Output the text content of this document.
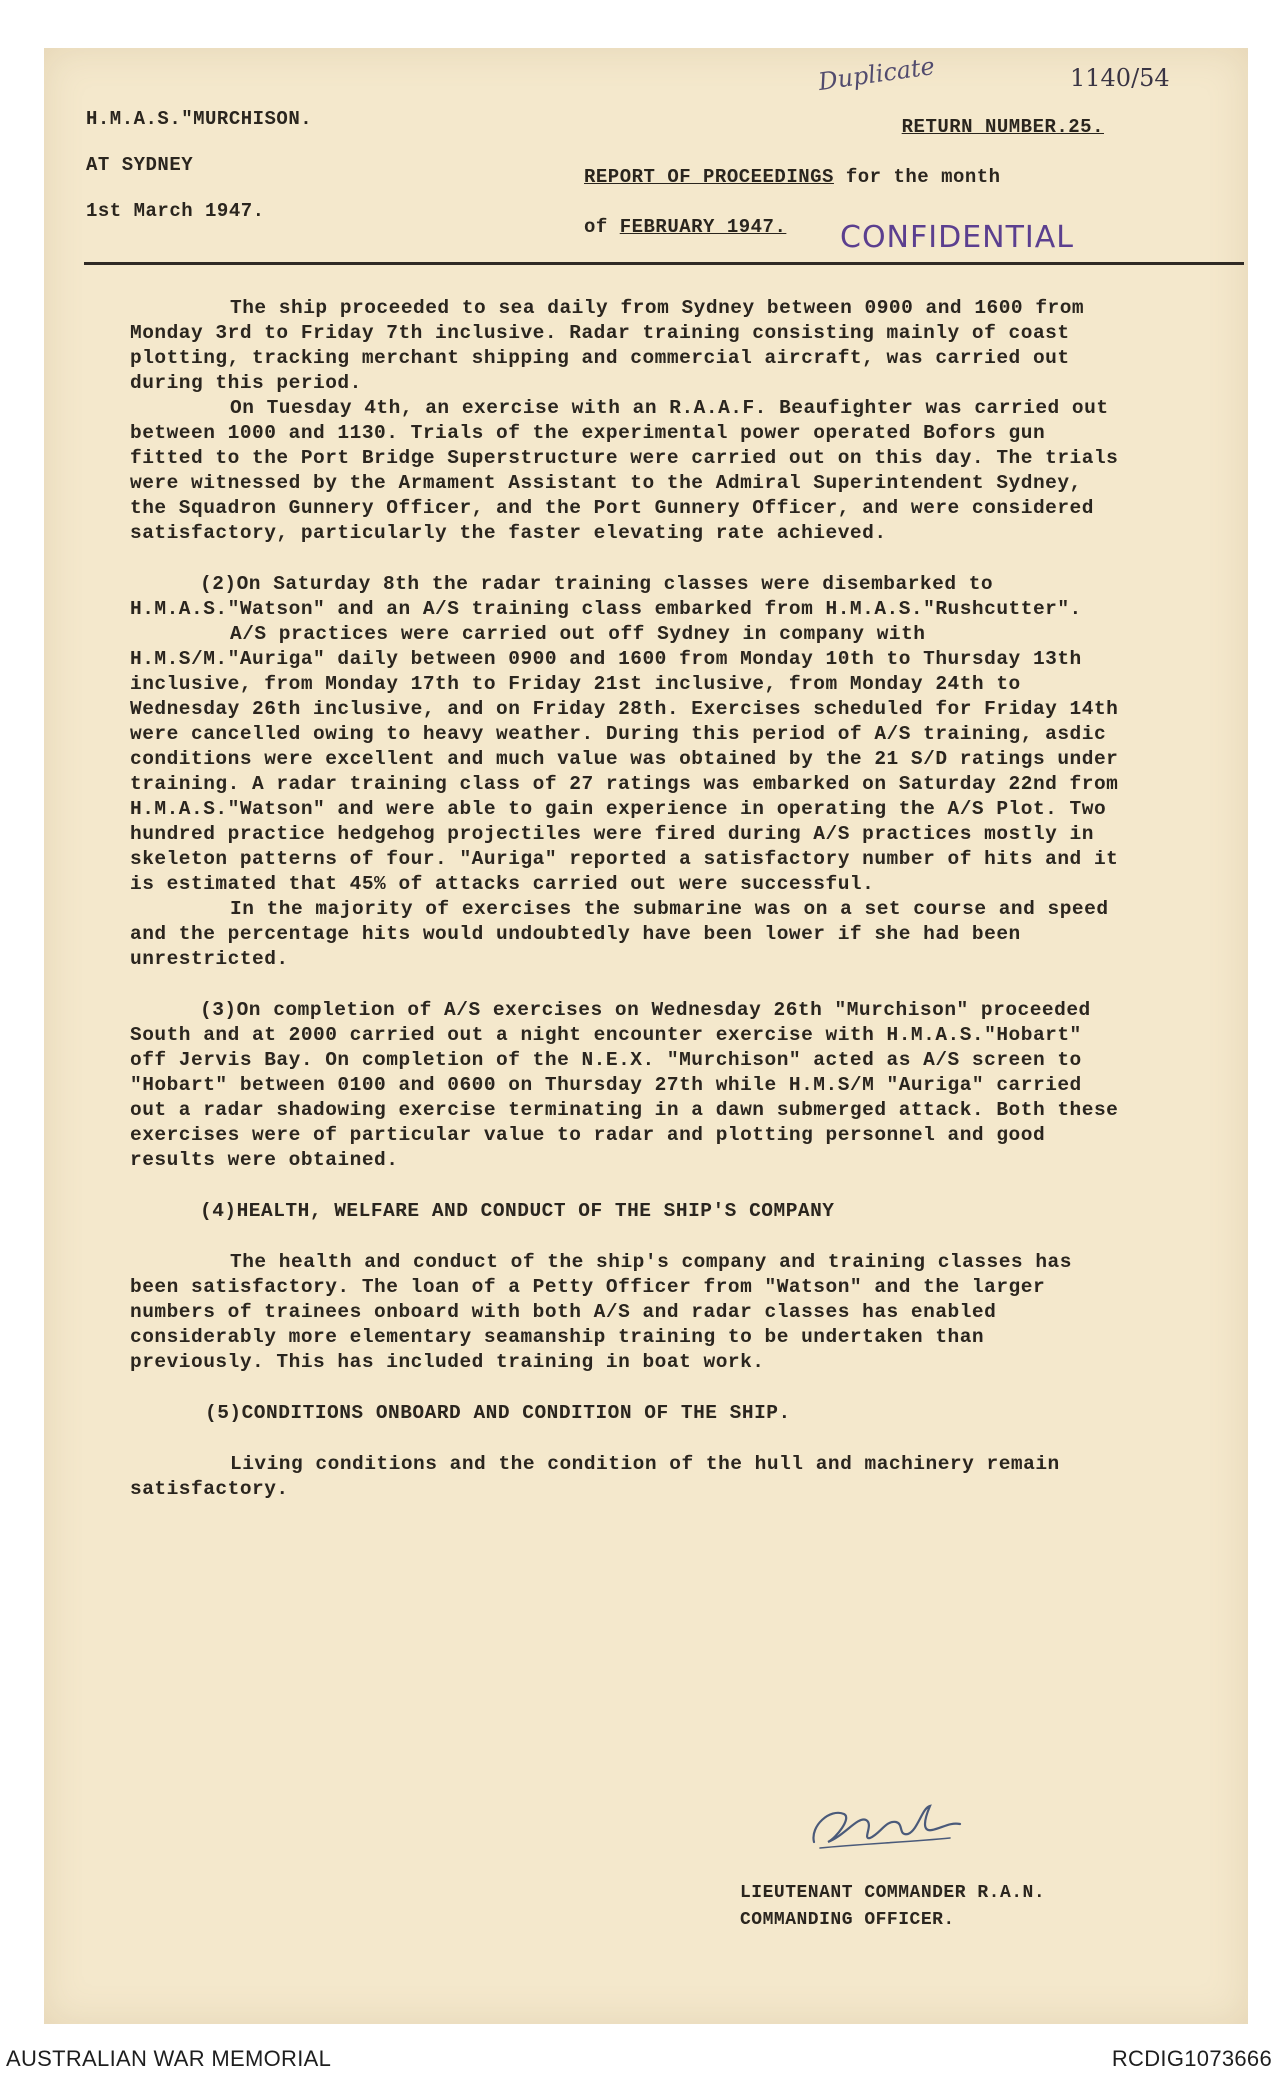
H.M.A.S."MURCHISON.
AT SYDNEY
1st March 1947.
RETURN NUMBER.25.
REPORT OF PROCEEDINGS for the month
of FEBRUARY 1947.
Duplicate	1140/54
CONFIDENTIAL

The ship proceeded to sea daily from Sydney between 0900 and 1600 from Monday 3rd to Friday 7th inclusive. Radar training consisting mainly of coast plotting, tracking merchant shipping and commercial aircraft, was carried out during this period.

On Tuesday 4th, an exercise with an R.A.A.F. Beaufighter was carried out between 1000 and 1130. Trials of the experimental power operated Bofors gun fitted to the Port Bridge Superstructure were carried out on this day. The trials were witnessed by the Armament Assistant to the Admiral Superintendent Sydney, the Squadron Gunnery Officer, and the Port Gunnery Officer, and were considered satisfactory, particularly the faster elevating rate achieved.

(2)On Saturday 8th the radar training classes were disembarked to H.M.A.S."Watson" and an A/S training class embarked from H.M.A.S."Rushcutter".

A/S practices were carried out off Sydney in company with H.M.S/M."Auriga" daily between 0900 and 1600 from Monday 10th to Thursday 13th inclusive, from Monday 17th to Friday 21st inclusive, from Monday 24th to Wednesday 26th inclusive, and on Friday 28th. Exercises scheduled for Friday 14th were cancelled owing to heavy weather. During this period of A/S training, asdic conditions were excellent and much value was obtained by the 21 S/D ratings under training. A radar training class of 27 ratings was embarked on Saturday 22nd from H.M.A.S."Watson" and were able to gain experience in operating the A/S Plot. Two hundred practice hedgehog projectiles were fired during A/S practices mostly in skeleton patterns of four. "Auriga" reported a satisfactory number of hits and it is estimated that 45% of attacks carried out were successful.

In the majority of exercises the submarine was on a set course and speed and the percentage hits would undoubtedly have been lower if she had been unrestricted.

(3)On completion of A/S exercises on Wednesday 26th "Murchison" proceeded South and at 2000 carried out a night encounter exercise with H.M.A.S."Hobart" off Jervis Bay. On completion of the N.E.X. "Murchison" acted as A/S screen to "Hobart" between 0100 and 0600 on Thursday 27th while H.M.S/M "Auriga" carried out a radar shadowing exercise terminating in a dawn submerged attack. Both these exercises were of particular value to radar and plotting personnel and good results were obtained.

(4)HEALTH, WELFARE AND CONDUCT OF THE SHIP'S COMPANY

The health and conduct of the ship's company and training classes has been satisfactory. The loan of a Petty Officer from "Watson" and the larger numbers of trainees onboard with both A/S and radar classes has enabled considerably more elementary seamanship training to be undertaken than previously. This has included training in boat work.

(5)CONDITIONS ONBOARD AND CONDITION OF THE SHIP.

Living conditions and the condition of the hull and machinery remain satisfactory.

LIEUTENANT COMMANDER R.A.N.
COMMANDING OFFICER.
AUSTRALIAN WAR MEMORIAL	RCDIG1073666
